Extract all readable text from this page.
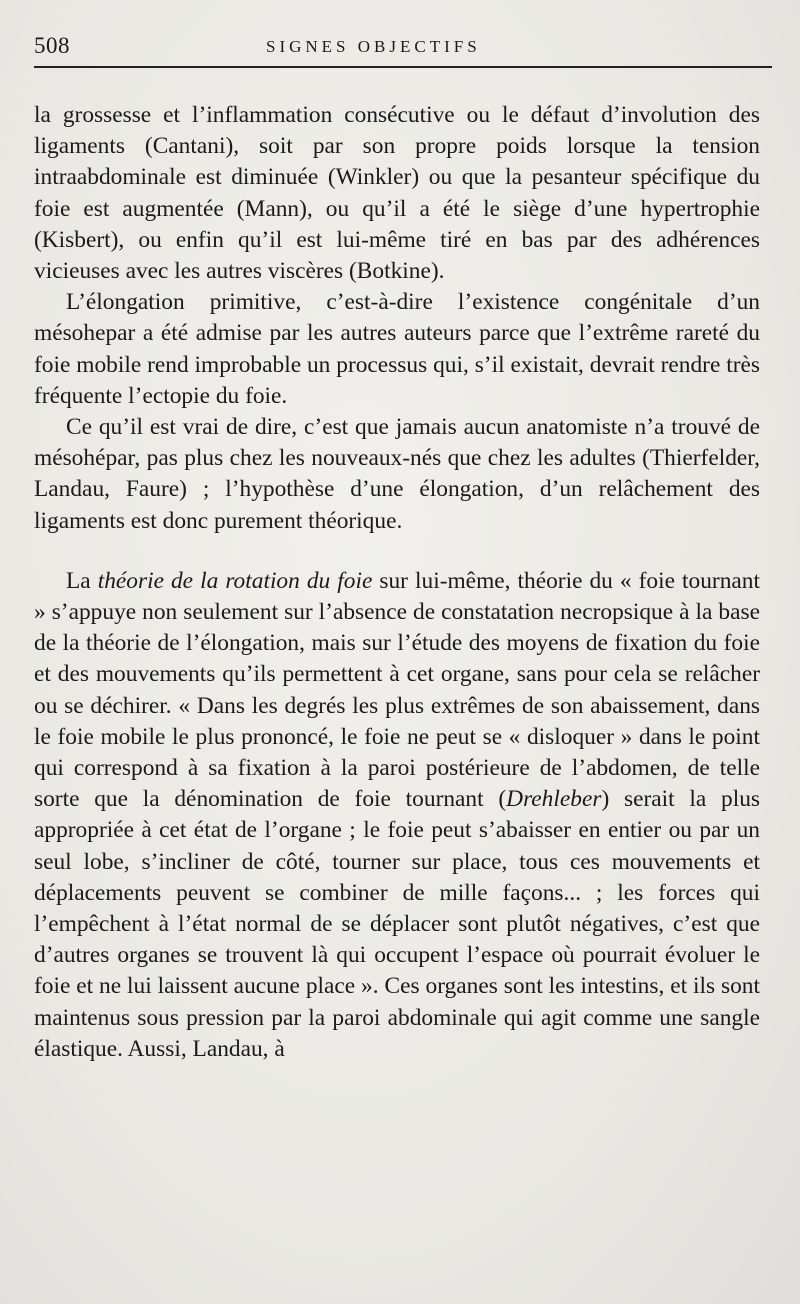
508	SIGNES OBJECTIFS

la grossesse et l’inflammation consécutive ou le défaut d’involution des ligaments (Cantani), soit par son propre poids lorsque la tension intraabdominale est diminuée (Winkler) ou que la pesanteur spécifique du foie est augmentée (Mann), ou qu’il a été le siège d’une hypertrophie (Kisbert), ou enfin qu’il est lui-même tiré en bas par des adhérences vicieuses avec les autres viscères (Botkine).

L’élongation primitive, c’est-à-dire l’existence congénitale d’un mésohepar a été admise par les autres auteurs parce que l’extrême rareté du foie mobile rend improbable un processus qui, s’il existait, devrait rendre très fréquente l’ectopie du foie.

Ce qu’il est vrai de dire, c’est que jamais aucun anatomiste n’a trouvé de mésohépar, pas plus chez les nouveaux-nés que chez les adultes (Thierfelder, Landau, Faure) ; l’hypothèse d’une élongation, d’un relâchement des ligaments est donc purement théorique.

La théorie de la rotation du foie sur lui-même, théorie du « foie tournant » s’appuye non seulement sur l’absence de constatation necropsique à la base de la théorie de l’élongation, mais sur l’étude des moyens de fixation du foie et des mouvements qu’ils permettent à cet organe, sans pour cela se relâcher ou se déchirer. « Dans les degrés les plus extrêmes de son abaissement, dans le foie mobile le plus prononcé, le foie ne peut se « disloquer » dans le point qui correspond à sa fixation à la paroi postérieure de l’abdomen, de telle sorte que la dénomination de foie tournant (Drehleber) serait la plus appropriée à cet état de l’organe ; le foie peut s’abaisser en entier ou par un seul lobe, s’incliner de côté, tourner sur place, tous ces mouvements et déplacements peuvent se combiner de mille façons... ; les forces qui l’empêchent à l’état normal de se déplacer sont plutôt négatives, c’est que d’autres organes se trouvent là qui occupent l’espace où pourrait évoluer le foie et ne lui laissent aucune place ». Ces organes sont les intestins, et ils sont maintenus sous pression par la paroi abdominale qui agit comme une sangle élastique. Aussi, Landau, à
